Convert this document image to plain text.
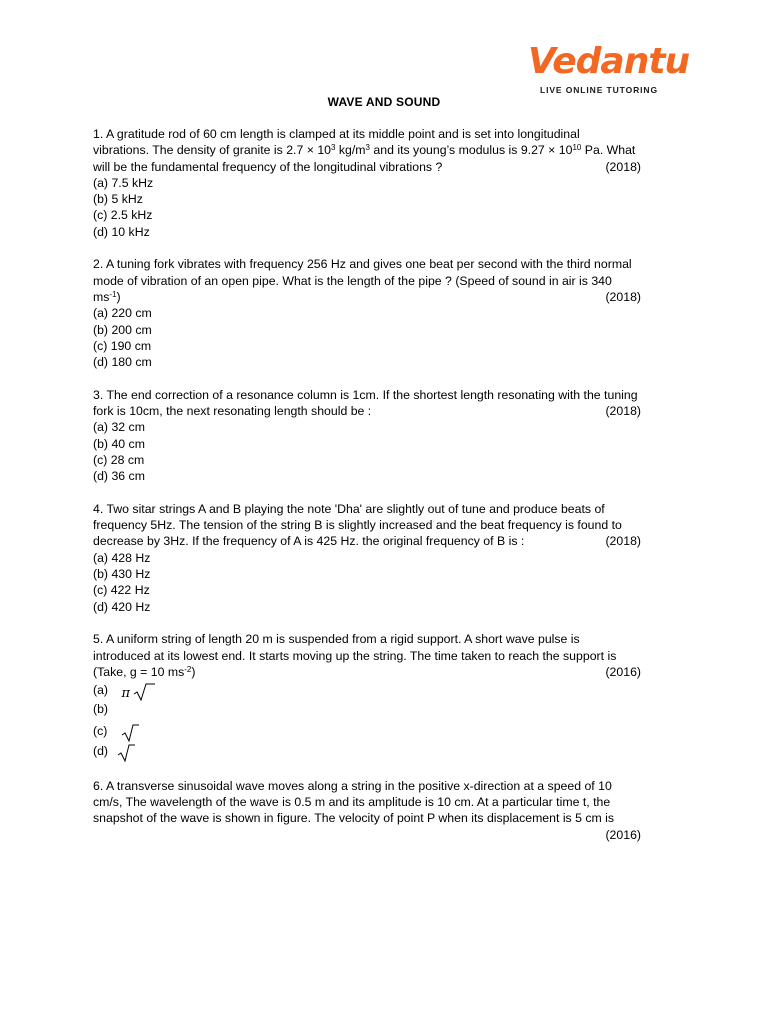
Vedantu
LIVE ONLINE TUTORING
WAVE AND SOUND
1. A gratitude rod of 60 cm length is clamped at its middle point and is set into longitudinal
vibrations. The density of granite is $2.7 \times 10^3$ $kg/m^3$ and its young’s modulus is $9.27 \times 10^{10}$ Pa. What
will be the fundamental frequency of the longitudinal vibrations ?	(2018)
(a) 7.5 kHz
(b) 5 kHz
(c) 2.5 kHz
(d) 10 kHz
2. A tuning fork vibrates with frequency 256 Hz and gives one beat per second with the third normal
mode of vibration of an open pipe. What is the length of the pipe ? (Speed of sound in air is 340
$ms^{-1}$)	(2018)
(a) 220 cm
(b) 200 cm
(c) 190 cm
(d) 180 cm
3. The end correction of a resonance column is 1cm. If the shortest length resonating with the tuning
fork is 10cm, the next resonating length should be :	(2018)
(a) 32 cm
(b) 40 cm
(c) 28 cm
(d) 36 cm
4. Two sitar strings A and B playing the note 'Dha' are slightly out of tune and produce beats of
frequency 5Hz. The tension of the string B is slightly increased and the beat frequency is found to
decrease by 3Hz. If the frequency of A is 425 Hz. the original frequency of B is :	(2018)
(a) 428 Hz
(b) 430 Hz
(c) 422 Hz
(d) 420 Hz
5. A uniform string of length 20 m is suspended from a rigid support. A short wave pulse is
introduced at its lowest end. It starts moving up the string. The time taken to reach the support is
(Take, g = 10 $ms^{-2}$)	(2016)
(a) π
(b)
(c)
(d)
6. A transverse sinusoidal wave moves along a string in the positive x-direction at a speed of 10
cm/s, The wavelength of the wave is 0.5 m and its amplitude is 10 cm. At a particular time t, the
snapshot of the wave is shown in figure. The velocity of point P when its displacement is 5 cm is
(2016)
